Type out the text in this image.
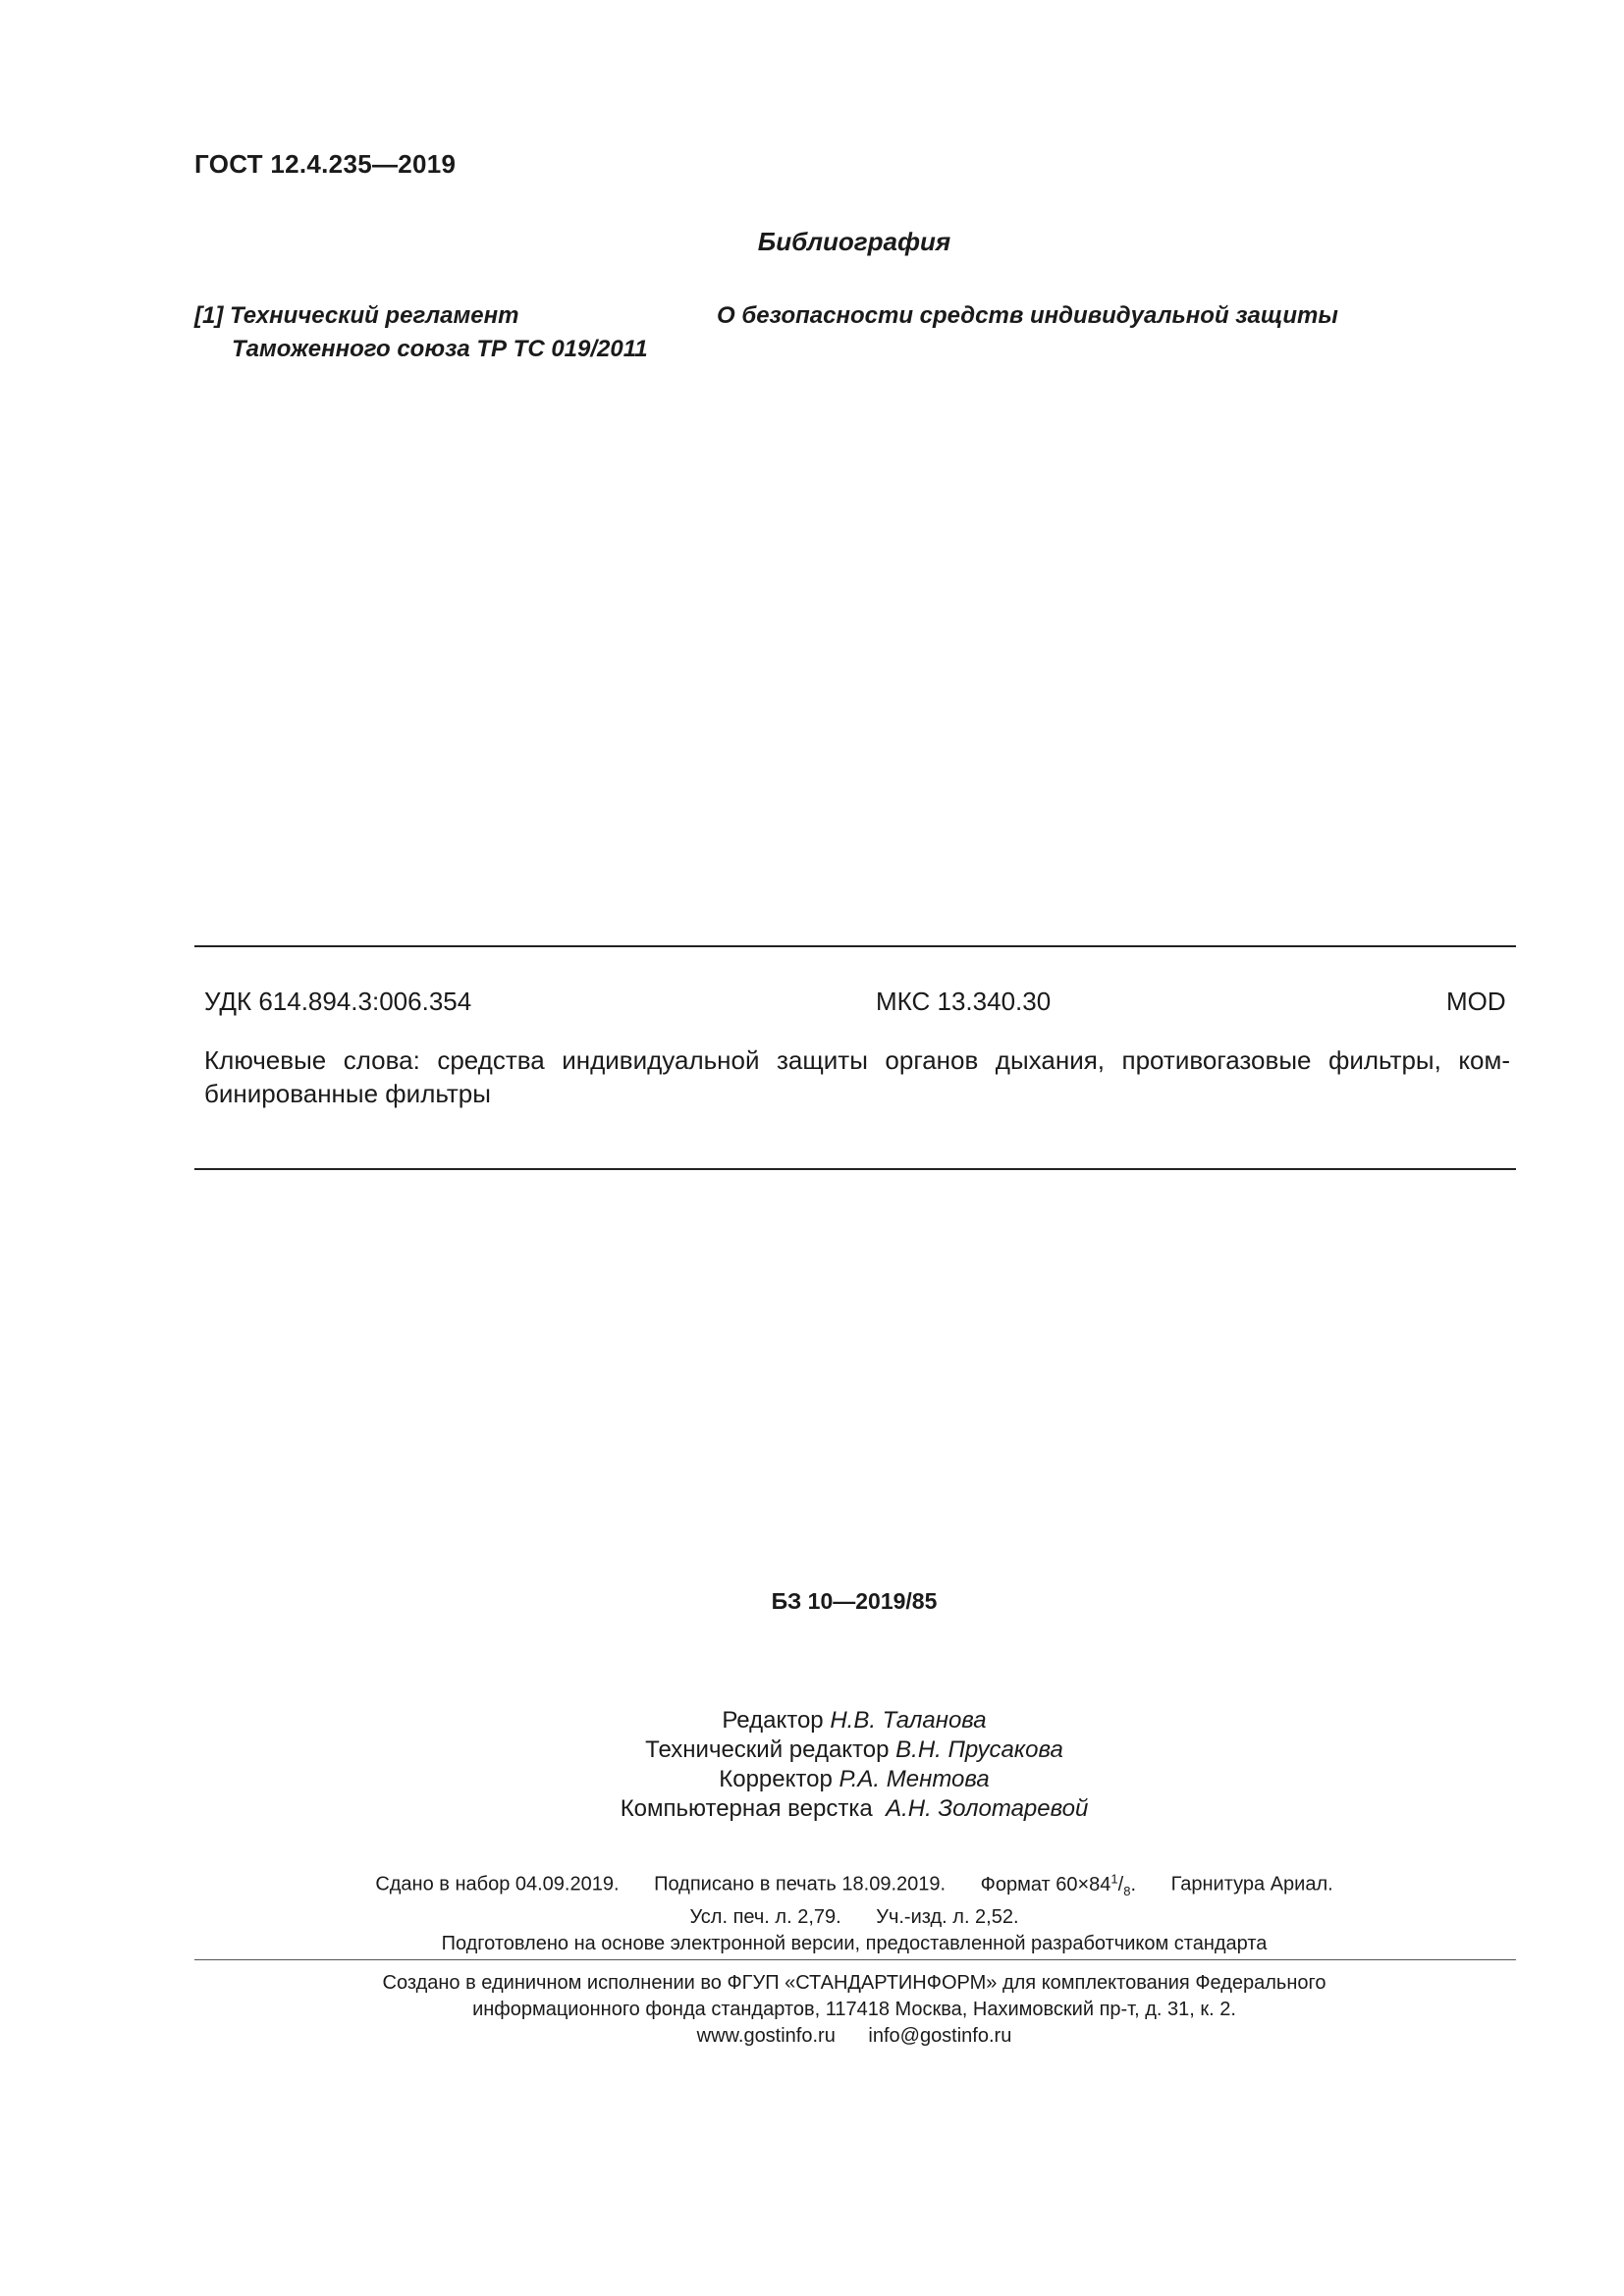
ГОСТ 12.4.235—2019
Библиография
[1] Технический регламент
Таможенного союза ТР ТС 019/2011
О безопасности средств индивидуальной защиты
УДК 614.894.3:006.354	МКС 13.340.30	MOD
Ключевые слова: средства индивидуальной защиты органов дыхания, противогазовые фильтры, ком-бинированные фильтры
БЗ 10—2019/85
Редактор Н.В. Таланова
Технический редактор В.Н. Прусакова
Корректор Р.А. Ментова
Компьютерная верстка А.Н. Золотаревой
Сдано в набор 04.09.2019. Подписано в печать 18.09.2019. Формат $60\times 84^1/_8$. Гарнитура Ариал.
Усл. печ. л. 2,79. Уч.-изд. л. 2,52.
Подготовлено на основе электронной версии, предоставленной разработчиком стандарта
Создано в единичном исполнении во ФГУП «СТАНДАРТИНФОРМ» для комплектования Федерального
информационного фонда стандартов, 117418 Москва, Нахимовский пр-т, д. 31, к. 2.
www.gostinfo.ru info@gostinfo.ru
